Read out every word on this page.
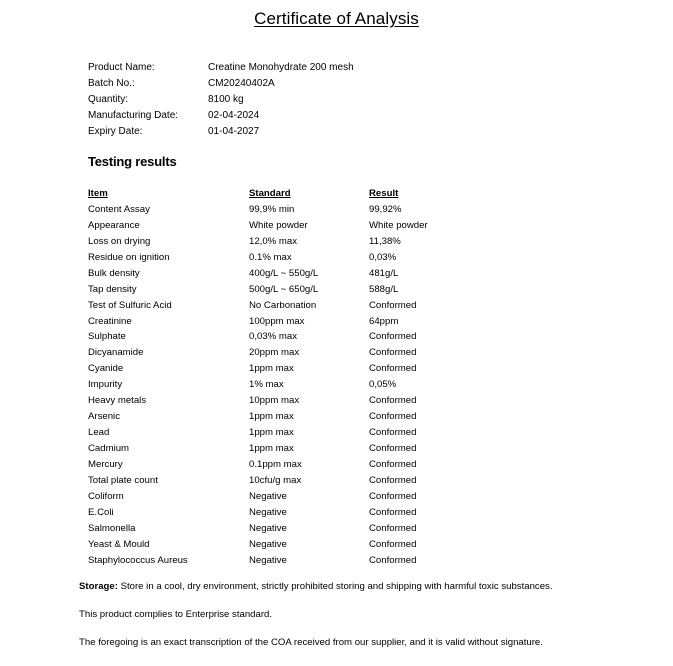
Certificate of Analysis
Product Name:	Creatine Monohydrate 200 mesh
Batch No.:	CM20240402A
Quantity:	8100 kg
Manufacturing Date:	02-04-2024
Expiry Date:	01-04-2027
Testing results
Item	Standard	Result
Content Assay	99,9% min	99,92%
Appearance	White powder	White powder
Loss on drying	12,0% max	11,38%
Residue on ignition	0.1% max	0,03%
Bulk density	400g/L ~ 550g/L	481g/L
Tap density	500g/L ~ 650g/L	588g/L
Test of Sulfuric Acid	No Carbonation	Conformed
Creatinine	100ppm max	64ppm
Sulphate	0,03% max	Conformed
Dicyanamide	20ppm max	Conformed
Cyanide	1ppm max	Conformed
Impurity	1% max	0,05%
Heavy metals	10ppm max	Conformed
Arsenic	1ppm max	Conformed
Lead	1ppm max	Conformed
Cadmium	1ppm max	Conformed
Mercury	0.1ppm max	Conformed
Total plate count	10cfu/g max	Conformed
Coliform	Negative	Conformed
E.Coli	Negative	Conformed
Salmonella	Negative	Conformed
Yeast & Mould	Negative	Conformed
Staphylococcus Aureus	Negative	Conformed
Storage: Store in a cool, dry environment, strictly prohibited storing and shipping with harmful toxic substances.
This product complies to Enterprise standard.
The foregoing is an exact transcription of the COA received from our supplier, and it is valid without signature.
